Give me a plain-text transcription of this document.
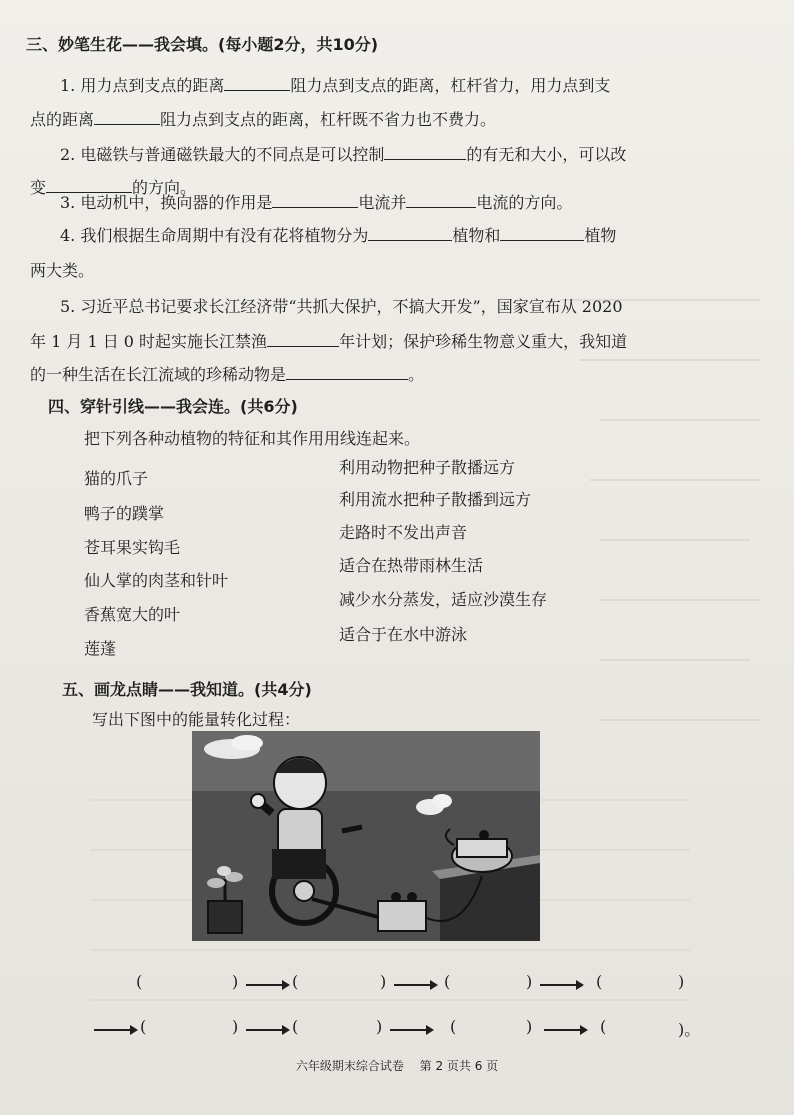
三、妙笔生花——我会填。(每小题2分，共10分)
1. 用力点到支点的距离	阻力点到支点的距离，杠杆省力，用力点到支
点的距离	阻力点到支点的距离，杠杆既不省力也不费力。
2. 电磁铁与普通磁铁最大的不同点是可以控制	的有无和大小，可以改
变	的方向。
3. 电动机中，换向器的作用是	电流并	电流的方向。
4. 我们根据生命周期中有没有花将植物分为	植物和	植物
两大类。
5. 习近平总书记要求长江经济带“共抓大保护，不搞大开发”，国家宣布从 2020
年 1 月 1 日 0 时起实施长江禁渔	年计划；保护珍稀生物意义重大，我知道
的一种生活在长江流域的珍稀动物是	。
四、穿针引线——我会连。(共6分)
把下列各种动植物的特征和其作用用线连起来。
猫的爪子
鸭子的蹼掌
苍耳果实钩毛
仙人掌的肉茎和针叶
香蕉宽大的叶
莲蓬
利用动物把种子散播远方
利用流水把种子散播到远方
走路时不发出声音
适合在热带雨林生活
减少水分蒸发，适应沙漠生存
适合于在水中游泳
五、画龙点睛——我知道。(共4分)
写出下图中的能量转化过程：
(	)	(	)	(	)	(	)
(	)	(	)	(	)	(	)。
六年级期末综合试卷 第 2 页共 6 页
